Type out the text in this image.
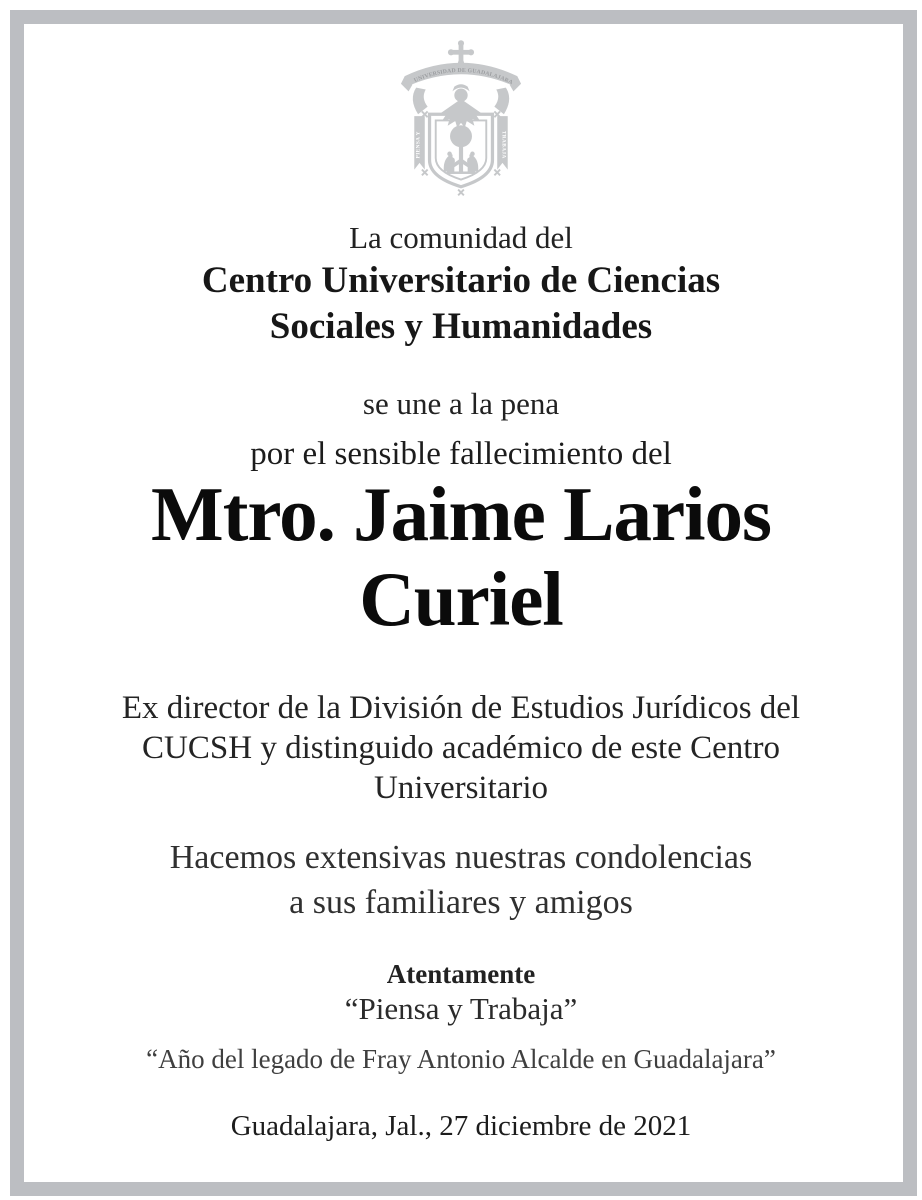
UNIVERSIDAD DE GUADALAJARA
PIENSA Y	TRABAJA
La comunidad del
Centro Universitario de Ciencias
Sociales y Humanidades
se une a la pena
por el sensible fallecimiento del
Mtro. Jaime Larios
Curiel
Ex director de la División de Estudios Jurídicos del
CUCSH y distinguido académico de este Centro
Universitario
Hacemos extensivas nuestras condolencias
a sus familiares y amigos
Atentamente
“Piensa y Trabaja”
“Año del legado de Fray Antonio Alcalde en Guadalajara”
Guadalajara, Jal., 27 diciembre de 2021
